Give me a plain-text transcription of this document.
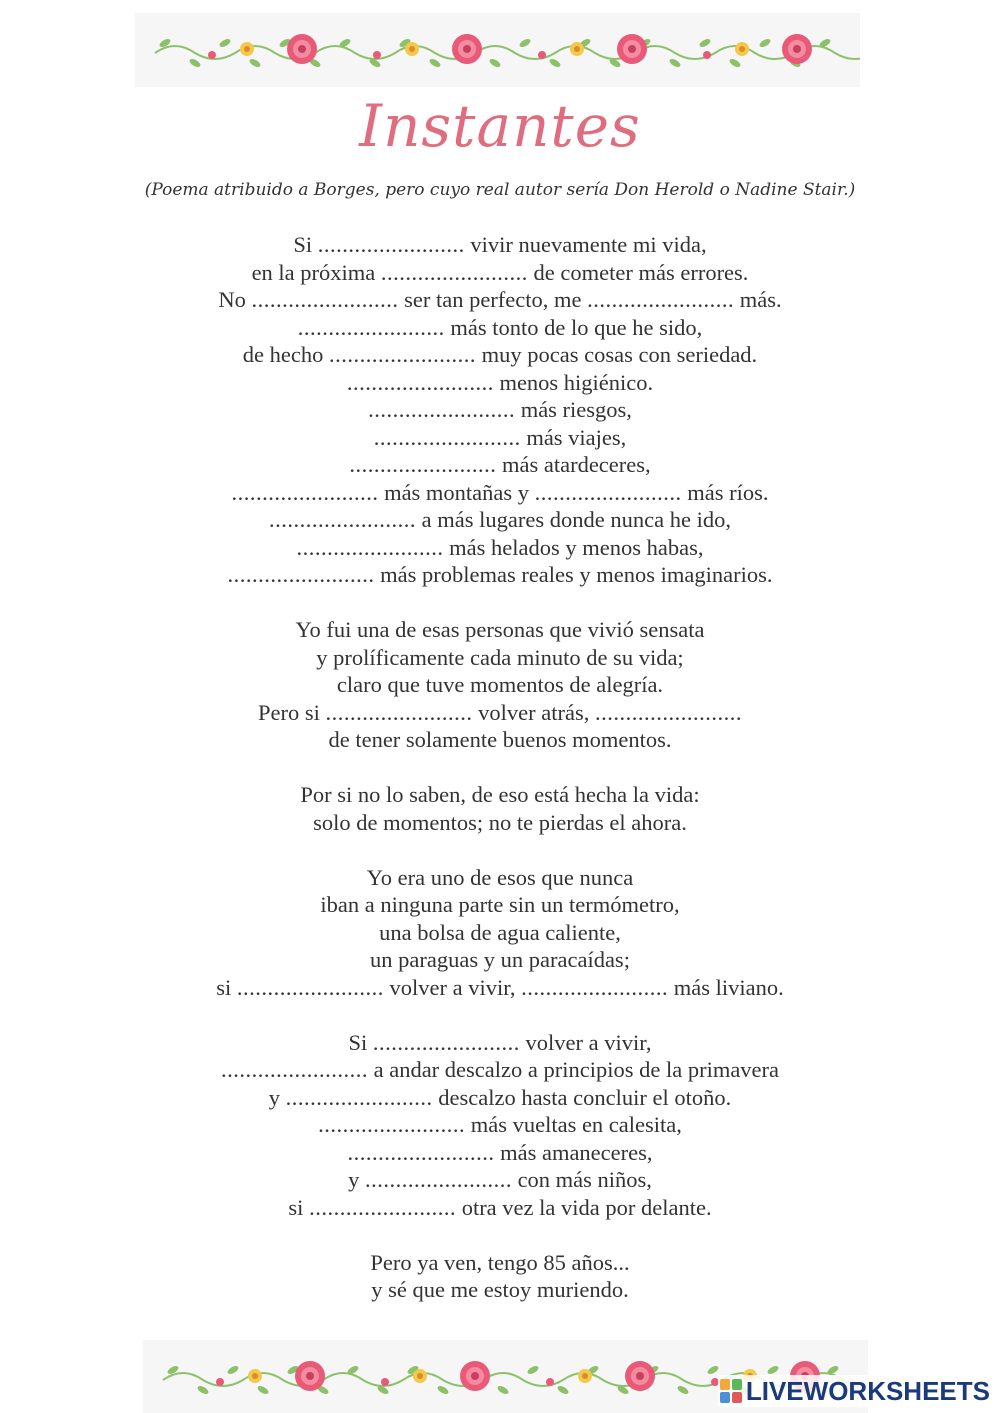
Instantes

(Poema atribuido a Borges, pero cuyo real autor sería Don Herold o Nadine Stair.)

Si ........................ vivir nuevamente mi vida,
en la próxima ........................ de cometer más errores.
No ........................ ser tan perfecto, me ........................ más.
........................ más tonto de lo que he sido,
de hecho ........................ muy pocas cosas con seriedad.
........................ menos higiénico.
........................ más riesgos,
........................ más viajes,
........................ más atardeceres,
........................ más montañas y ........................ más ríos.
........................ a más lugares donde nunca he ido,
........................ más helados y menos habas,
........................ más problemas reales y menos imaginarios.
Yo fui una de esas personas que vivió sensata
y prolíficamente cada minuto de su vida;
claro que tuve momentos de alegría.
Pero si ........................ volver atrás, ........................
de tener solamente buenos momentos.
Por si no lo saben, de eso está hecha la vida:
solo de momentos; no te pierdas el ahora.
Yo era uno de esos que nunca
iban a ninguna parte sin un termómetro,
una bolsa de agua caliente,
un paraguas y un paracaídas;
si ........................ volver a vivir, ........................ más liviano.
Si ........................ volver a vivir,
........................ a andar descalzo a principios de la primavera
y ........................ descalzo hasta concluir el otoño.
........................ más vueltas en calesita,
........................ más amaneceres,
y ........................ con más niños,
si ........................ otra vez la vida por delante.
Pero ya ven, tengo 85 años...
y sé que me estoy muriendo.
LIVEWORKSHEETS
